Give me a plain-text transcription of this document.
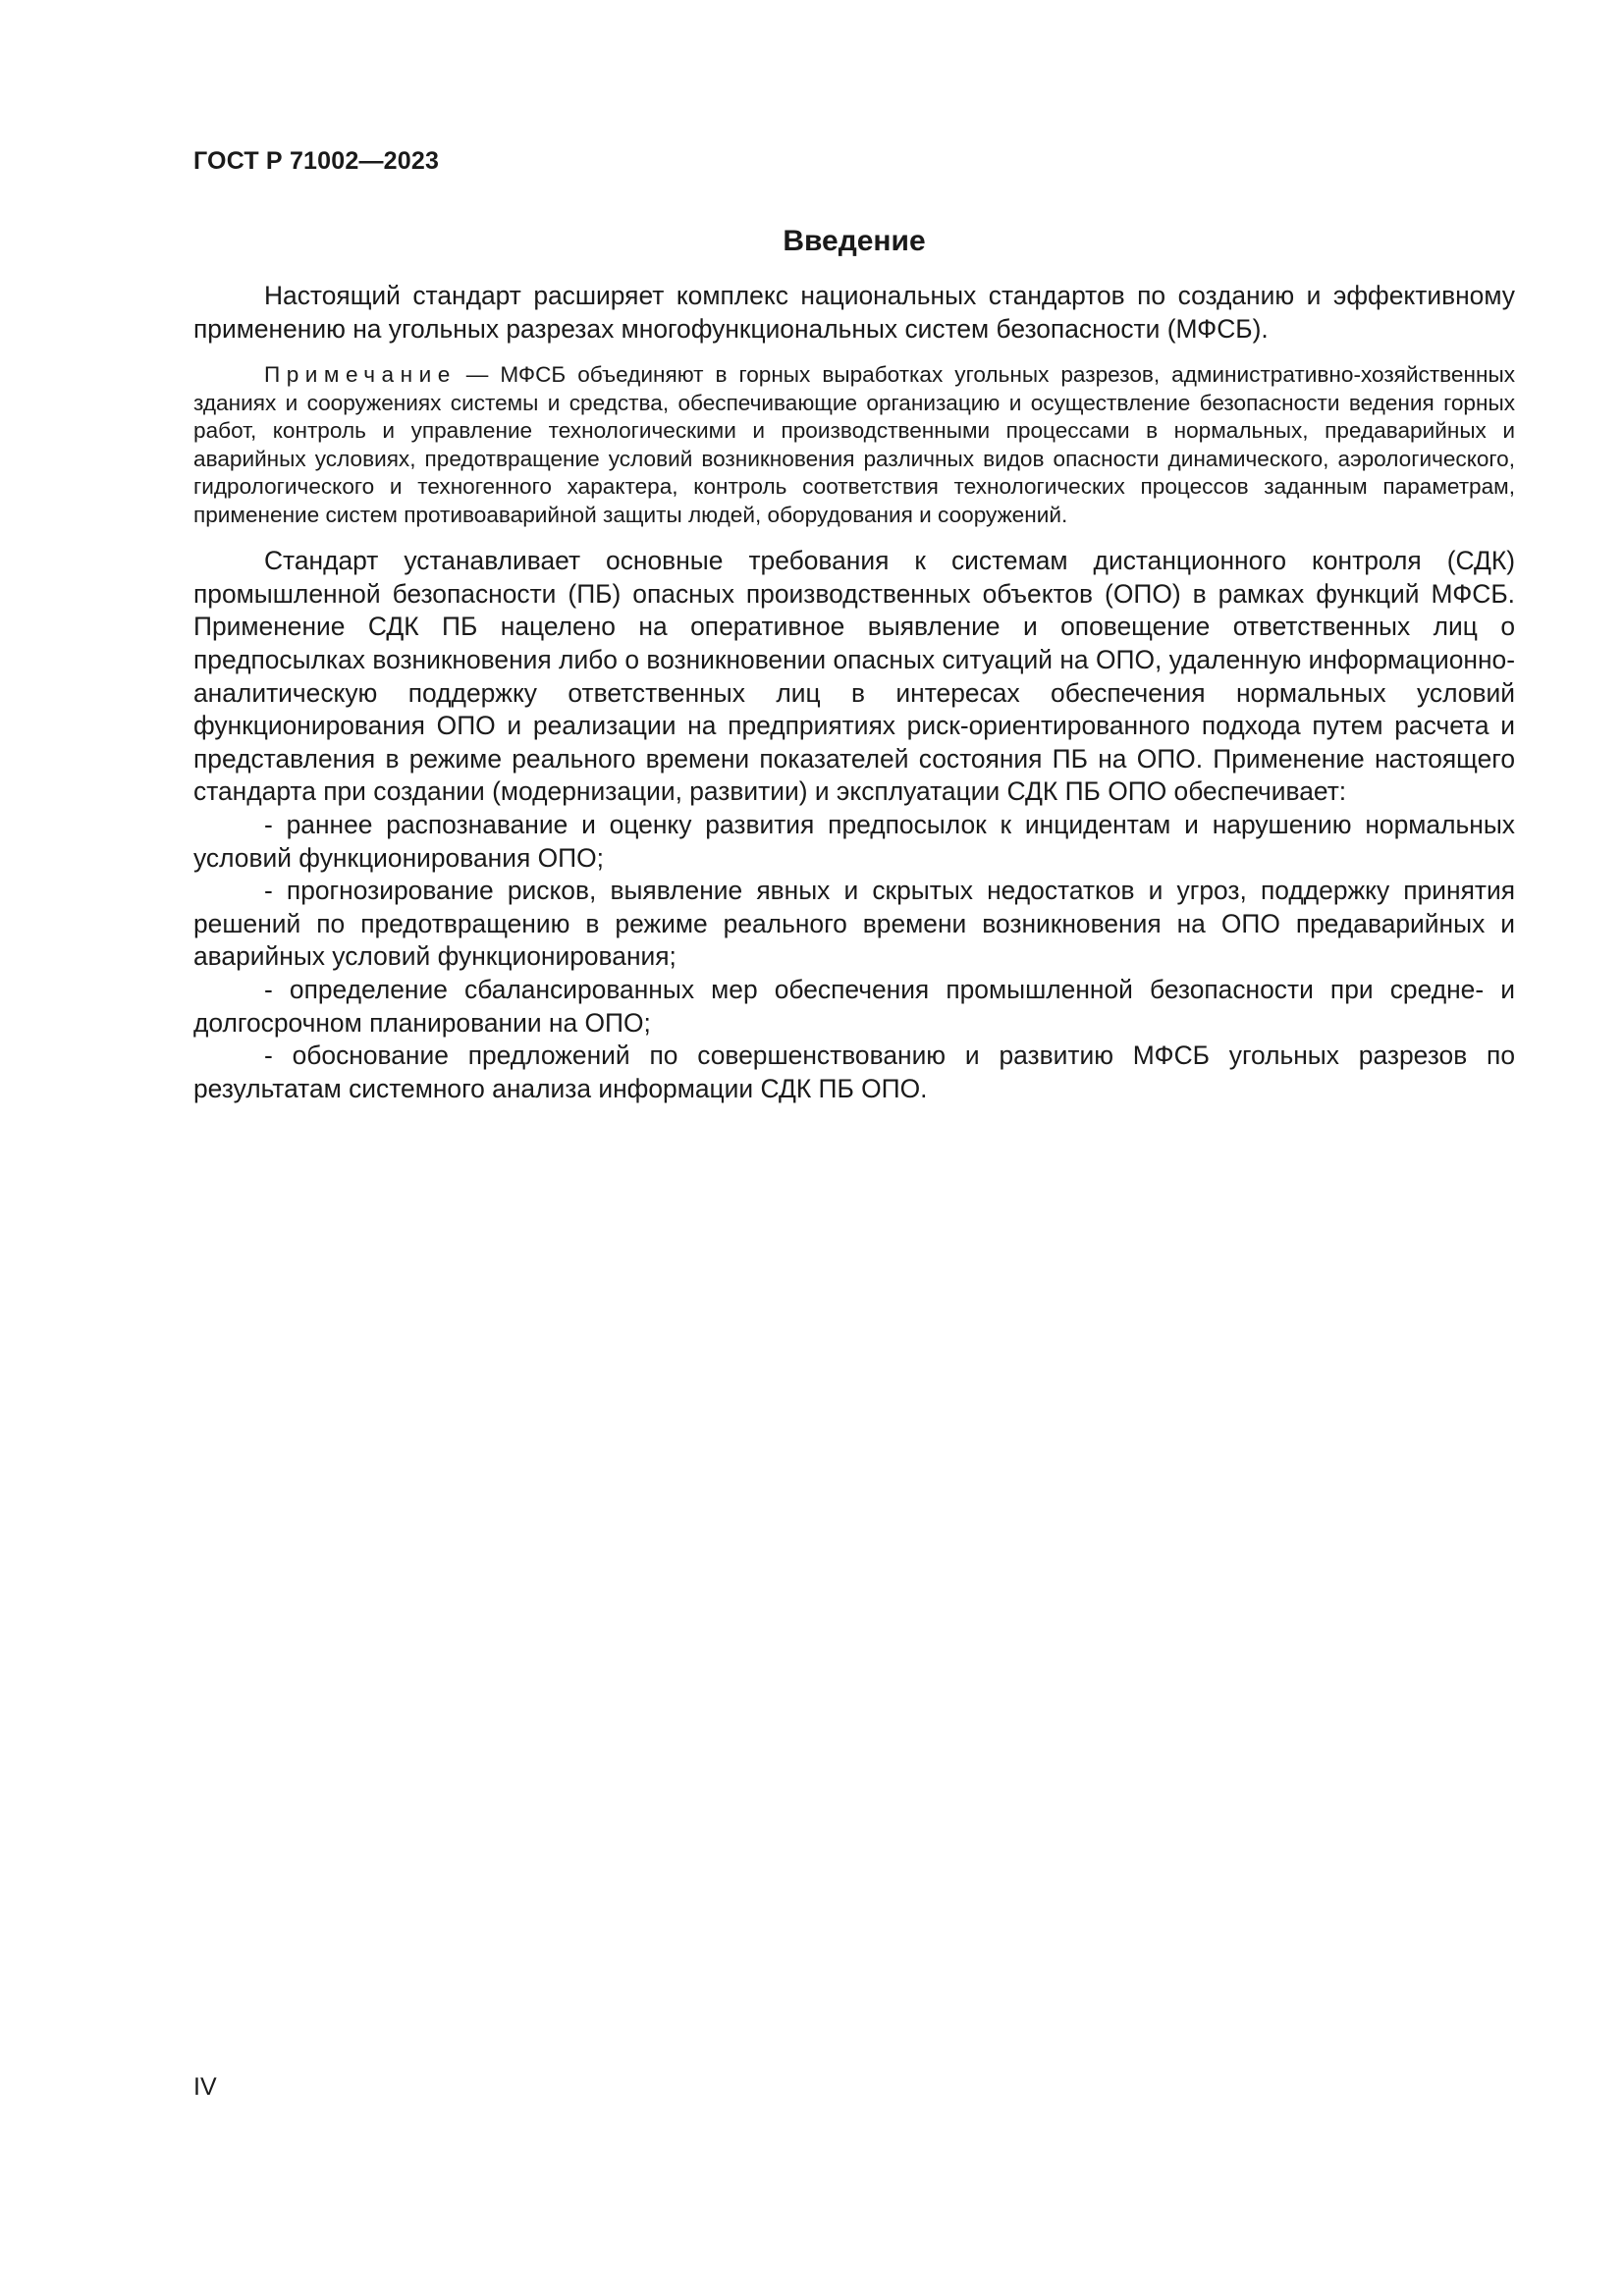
ГОСТ Р 71002—2023
Введение

Настоящий стандарт расширяет комплекс национальных стандартов по созданию и эффективному применению на угольных разрезах многофункциональных систем безопасности (МФСБ).

Примечание — МФСБ объединяют в горных выработках угольных разрезов, административно-хозяйственных зданиях и сооружениях системы и средства, обеспечивающие организацию и осуществление безопасности ведения горных работ, контроль и управление технологическими и производственными процессами в нормальных, предаварийных и аварийных условиях, предотвращение условий возникновения различных видов опасности динамического, аэрологического, гидрологического и техногенного характера, контроль соответствия технологических процессов заданным параметрам, применение систем противоаварийной защиты людей, оборудования и сооружений.

Стандарт устанавливает основные требования к системам дистанционного контроля (СДК) промышленной безопасности (ПБ) опасных производственных объектов (ОПО) в рамках функций МФСБ. Применение СДК ПБ нацелено на оперативное выявление и оповещение ответственных лиц о предпосылках возникновения либо о возникновении опасных ситуаций на ОПО, удаленную информационно-аналитическую поддержку ответственных лиц в интересах обеспечения нормальных условий функционирования ОПО и реализации на предприятиях риск-ориентированного подхода путем расчета и представления в режиме реального времени показателей состояния ПБ на ОПО. Применение настоящего стандарта при создании (модернизации, развитии) и эксплуатации СДК ПБ ОПО обеспечивает:

- раннее распознавание и оценку развития предпосылок к инцидентам и нарушению нормальных условий функционирования ОПО;

- прогнозирование рисков, выявление явных и скрытых недостатков и угроз, поддержку принятия решений по предотвращению в режиме реального времени возникновения на ОПО предаварийных и аварийных условий функционирования;

- определение сбалансированных мер обеспечения промышленной безопасности при средне- и долгосрочном планировании на ОПО;

- обоснование предложений по совершенствованию и развитию МФСБ угольных разрезов по результатам системного анализа информации СДК ПБ ОПО.

IV
